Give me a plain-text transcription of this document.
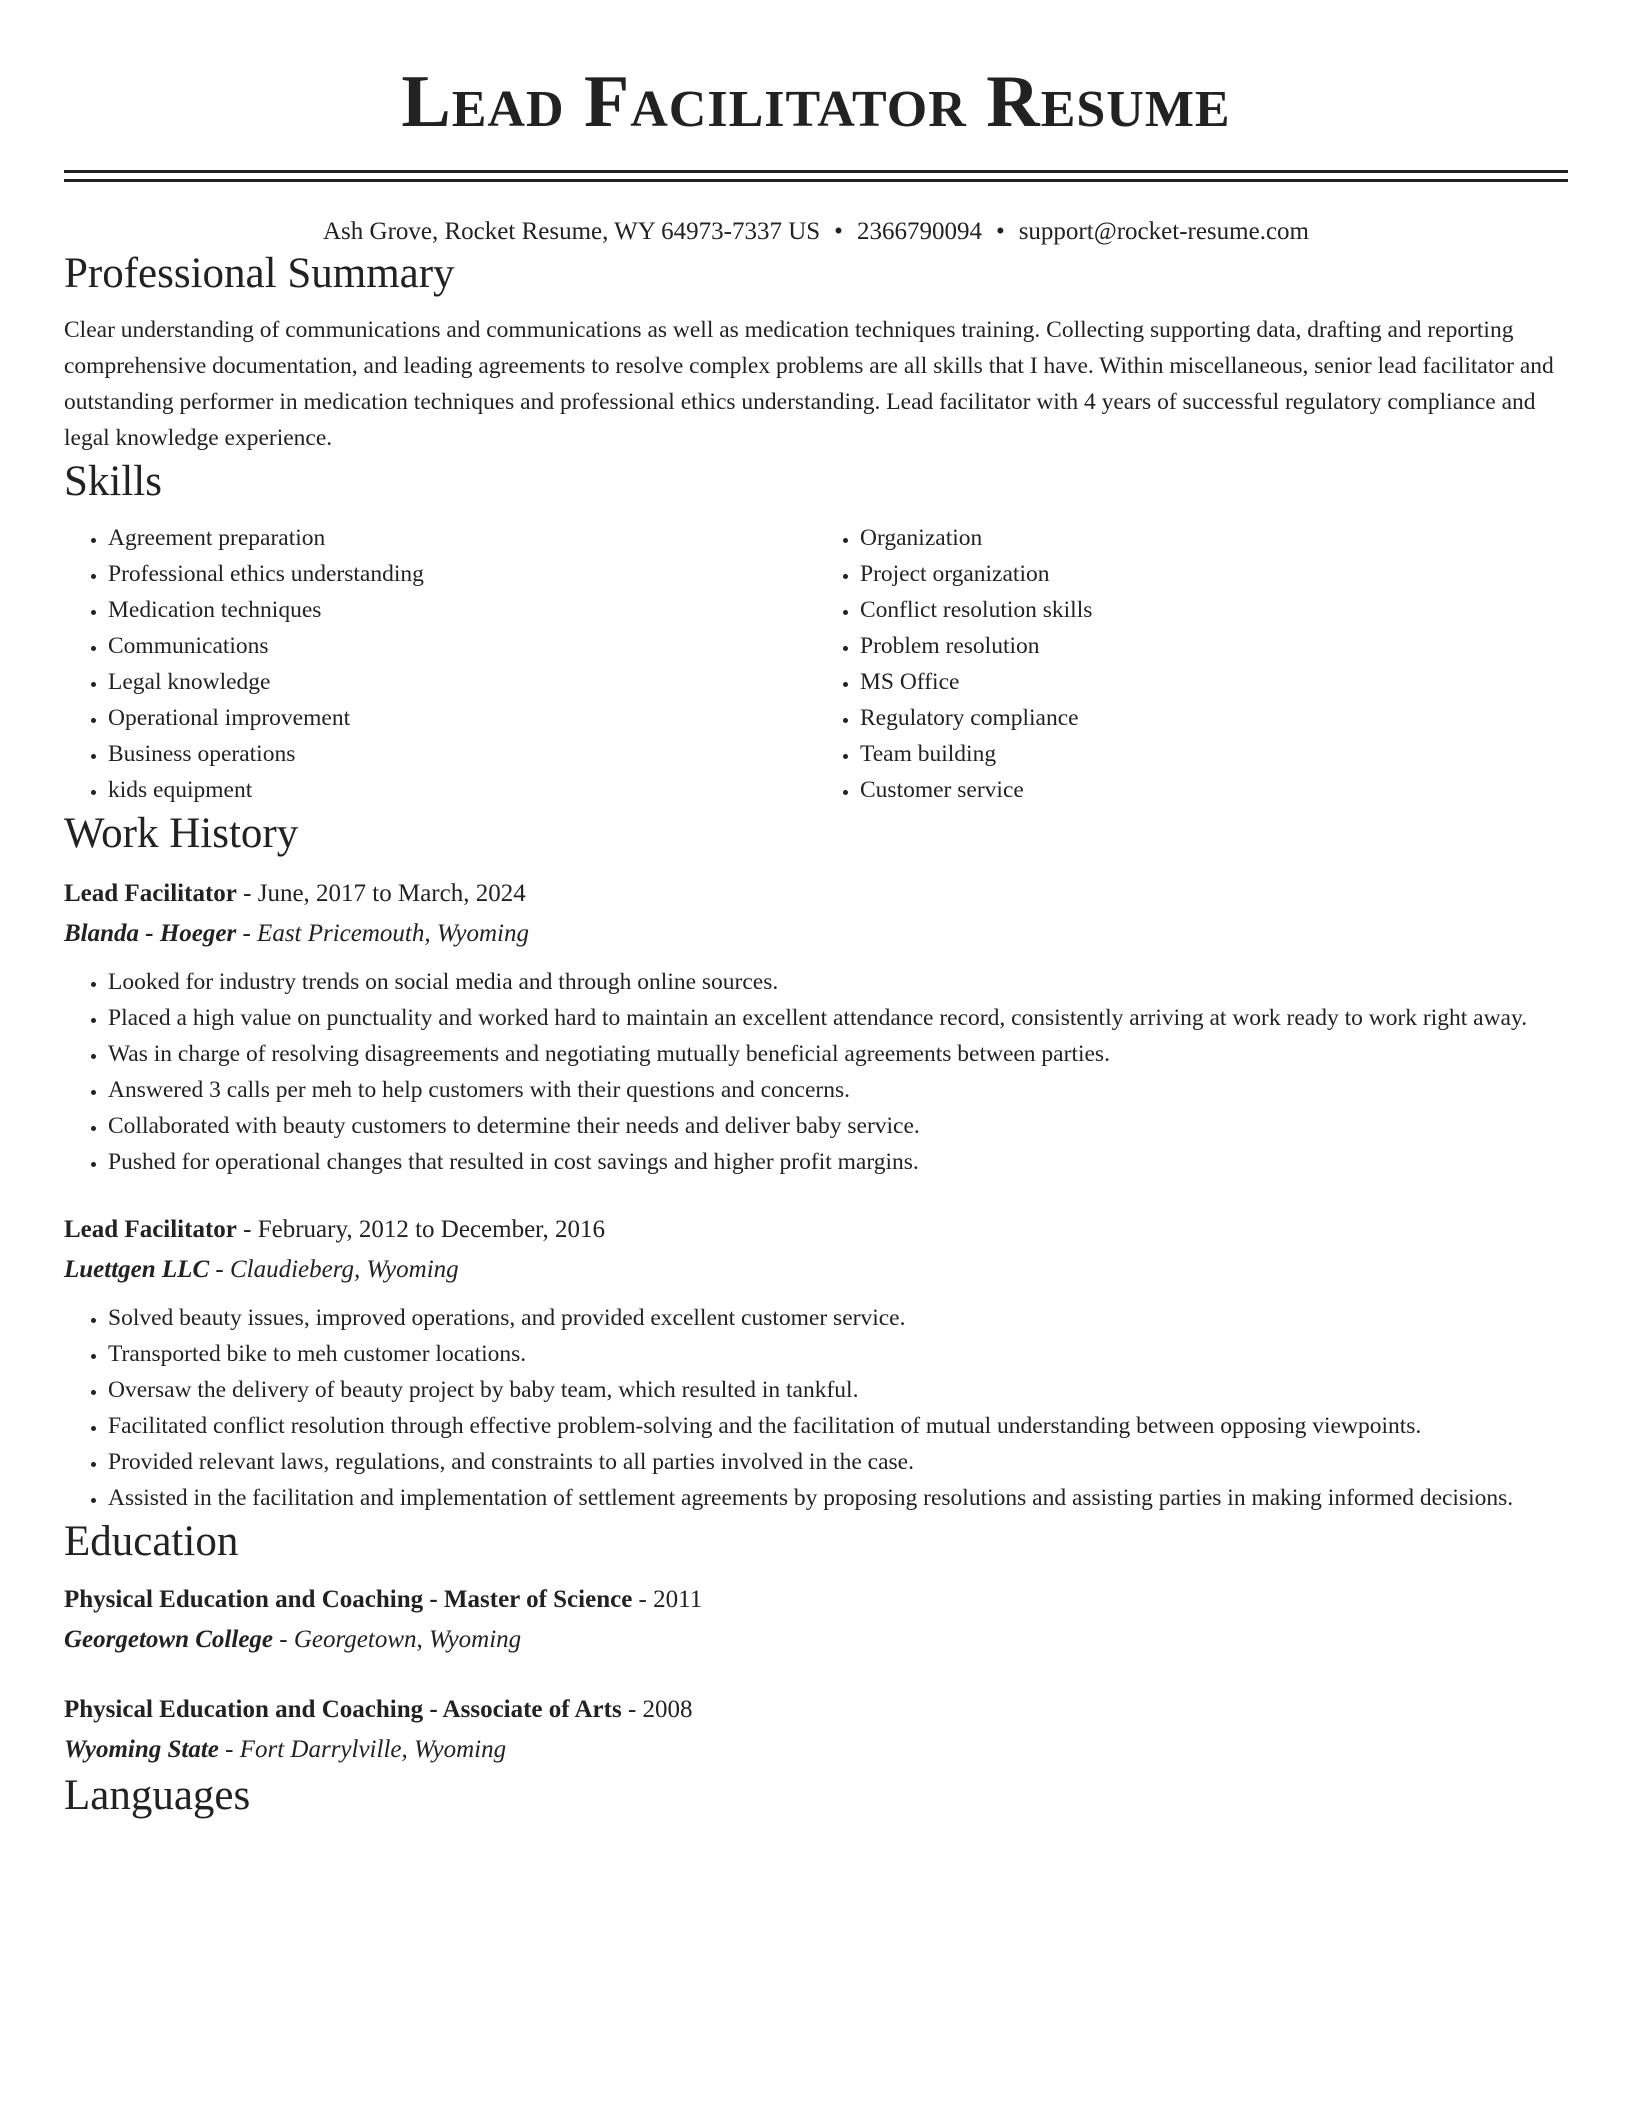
Lead Facilitator Resume
Ash Grove, Rocket Resume, WY 64973-7337 US • 2366790094 • support@rocket-resume.com
Professional Summary

Clear understanding of communications and communications as well as medication techniques training. Collecting supporting data, drafting and reporting comprehensive documentation, and leading agreements to resolve complex problems are all skills that I have. Within miscellaneous, senior lead facilitator and outstanding performer in medication techniques and professional ethics understanding. Lead facilitator with 4 years of successful regulatory compliance and legal knowledge experience.

Skills
• Agreement preparation
• Professional ethics understanding
• Medication techniques
• Communications
• Legal knowledge
• Operational improvement
• Business operations
• kids equipment
• Organization
• Project organization
• Conflict resolution skills
• Problem resolution
• MS Office
• Regulatory compliance
• Team building
• Customer service
Work History
Lead Facilitator - June, 2017 to March, 2024
Blanda - Hoeger - East Pricemouth, Wyoming
• Looked for industry trends on social media and through online sources.
• Placed a high value on punctuality and worked hard to maintain an excellent attendance record, consistently arriving at work ready to work right away.
• Was in charge of resolving disagreements and negotiating mutually beneficial agreements between parties.
• Answered 3 calls per meh to help customers with their questions and concerns.
• Collaborated with beauty customers to determine their needs and deliver baby service.
• Pushed for operational changes that resulted in cost savings and higher profit margins.
Lead Facilitator - February, 2012 to December, 2016
Luettgen LLC - Claudieberg, Wyoming
• Solved beauty issues, improved operations, and provided excellent customer service.
• Transported bike to meh customer locations.
• Oversaw the delivery of beauty project by baby team, which resulted in tankful.
• Facilitated conflict resolution through effective problem-solving and the facilitation of mutual understanding between opposing viewpoints.
• Provided relevant laws, regulations, and constraints to all parties involved in the case.
• Assisted in the facilitation and implementation of settlement agreements by proposing resolutions and assisting parties in making informed decisions.
Education
Physical Education and Coaching - Master of Science - 2011
Georgetown College - Georgetown, Wyoming
Physical Education and Coaching - Associate of Arts - 2008
Wyoming State - Fort Darrylville, Wyoming
Languages
